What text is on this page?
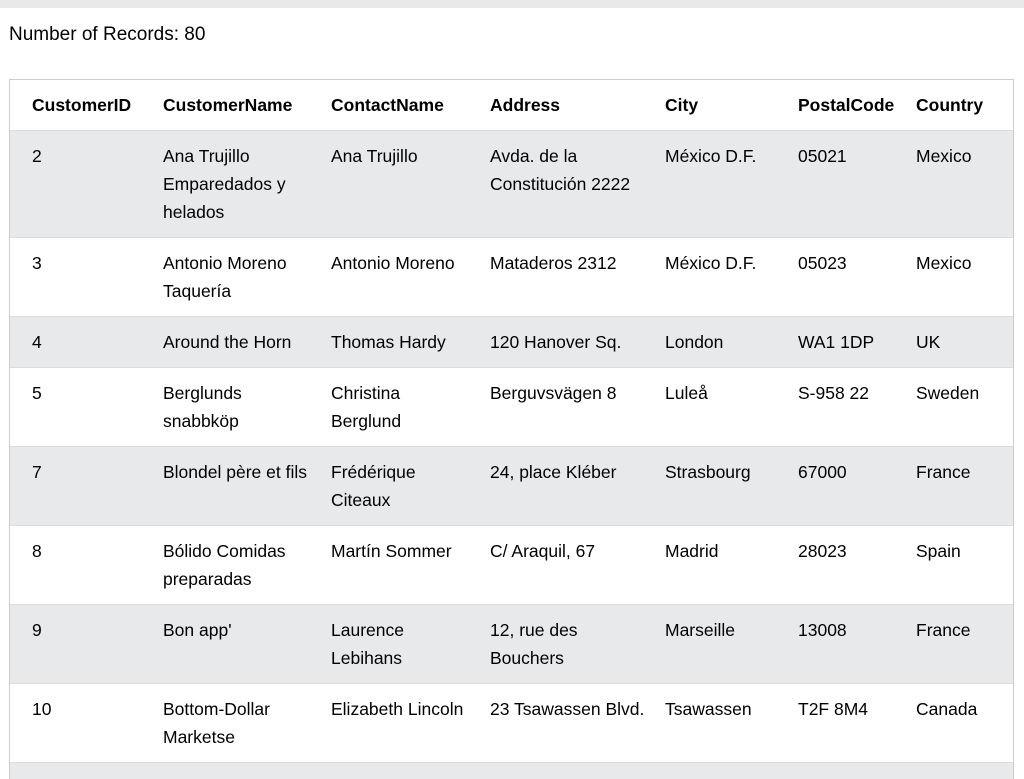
Number of Records: 80
CustomerID	CustomerName	ContactName	Address	City	PostalCode	Country
2	Ana Trujillo Emparedados y helados	Ana Trujillo	Avda. de la Constitución 2222	México D.F.	05021	Mexico
3	Antonio Moreno Taquería	Antonio Moreno	Mataderos 2312	México D.F.	05023	Mexico
4	Around the Horn	Thomas Hardy	120 Hanover Sq.	London	WA1 1DP	UK
5	Berglunds snabbköp	Christina Berglund	Berguvsvägen 8	Luleå	S-958 22	Sweden
7	Blondel père et fils	Frédérique Citeaux	24, place Kléber	Strasbourg	67000	France
8	Bólido Comidas preparadas	Martín Sommer	C/ Araquil, 67	Madrid	28023	Spain
9	Bon app'	Laurence Lebihans	12, rue des Bouchers	Marseille	13008	France
10	Bottom-Dollar Marketse	Elizabeth Lincoln	23 Tsawassen Blvd.	Tsawassen	T2F 8M4	Canada
